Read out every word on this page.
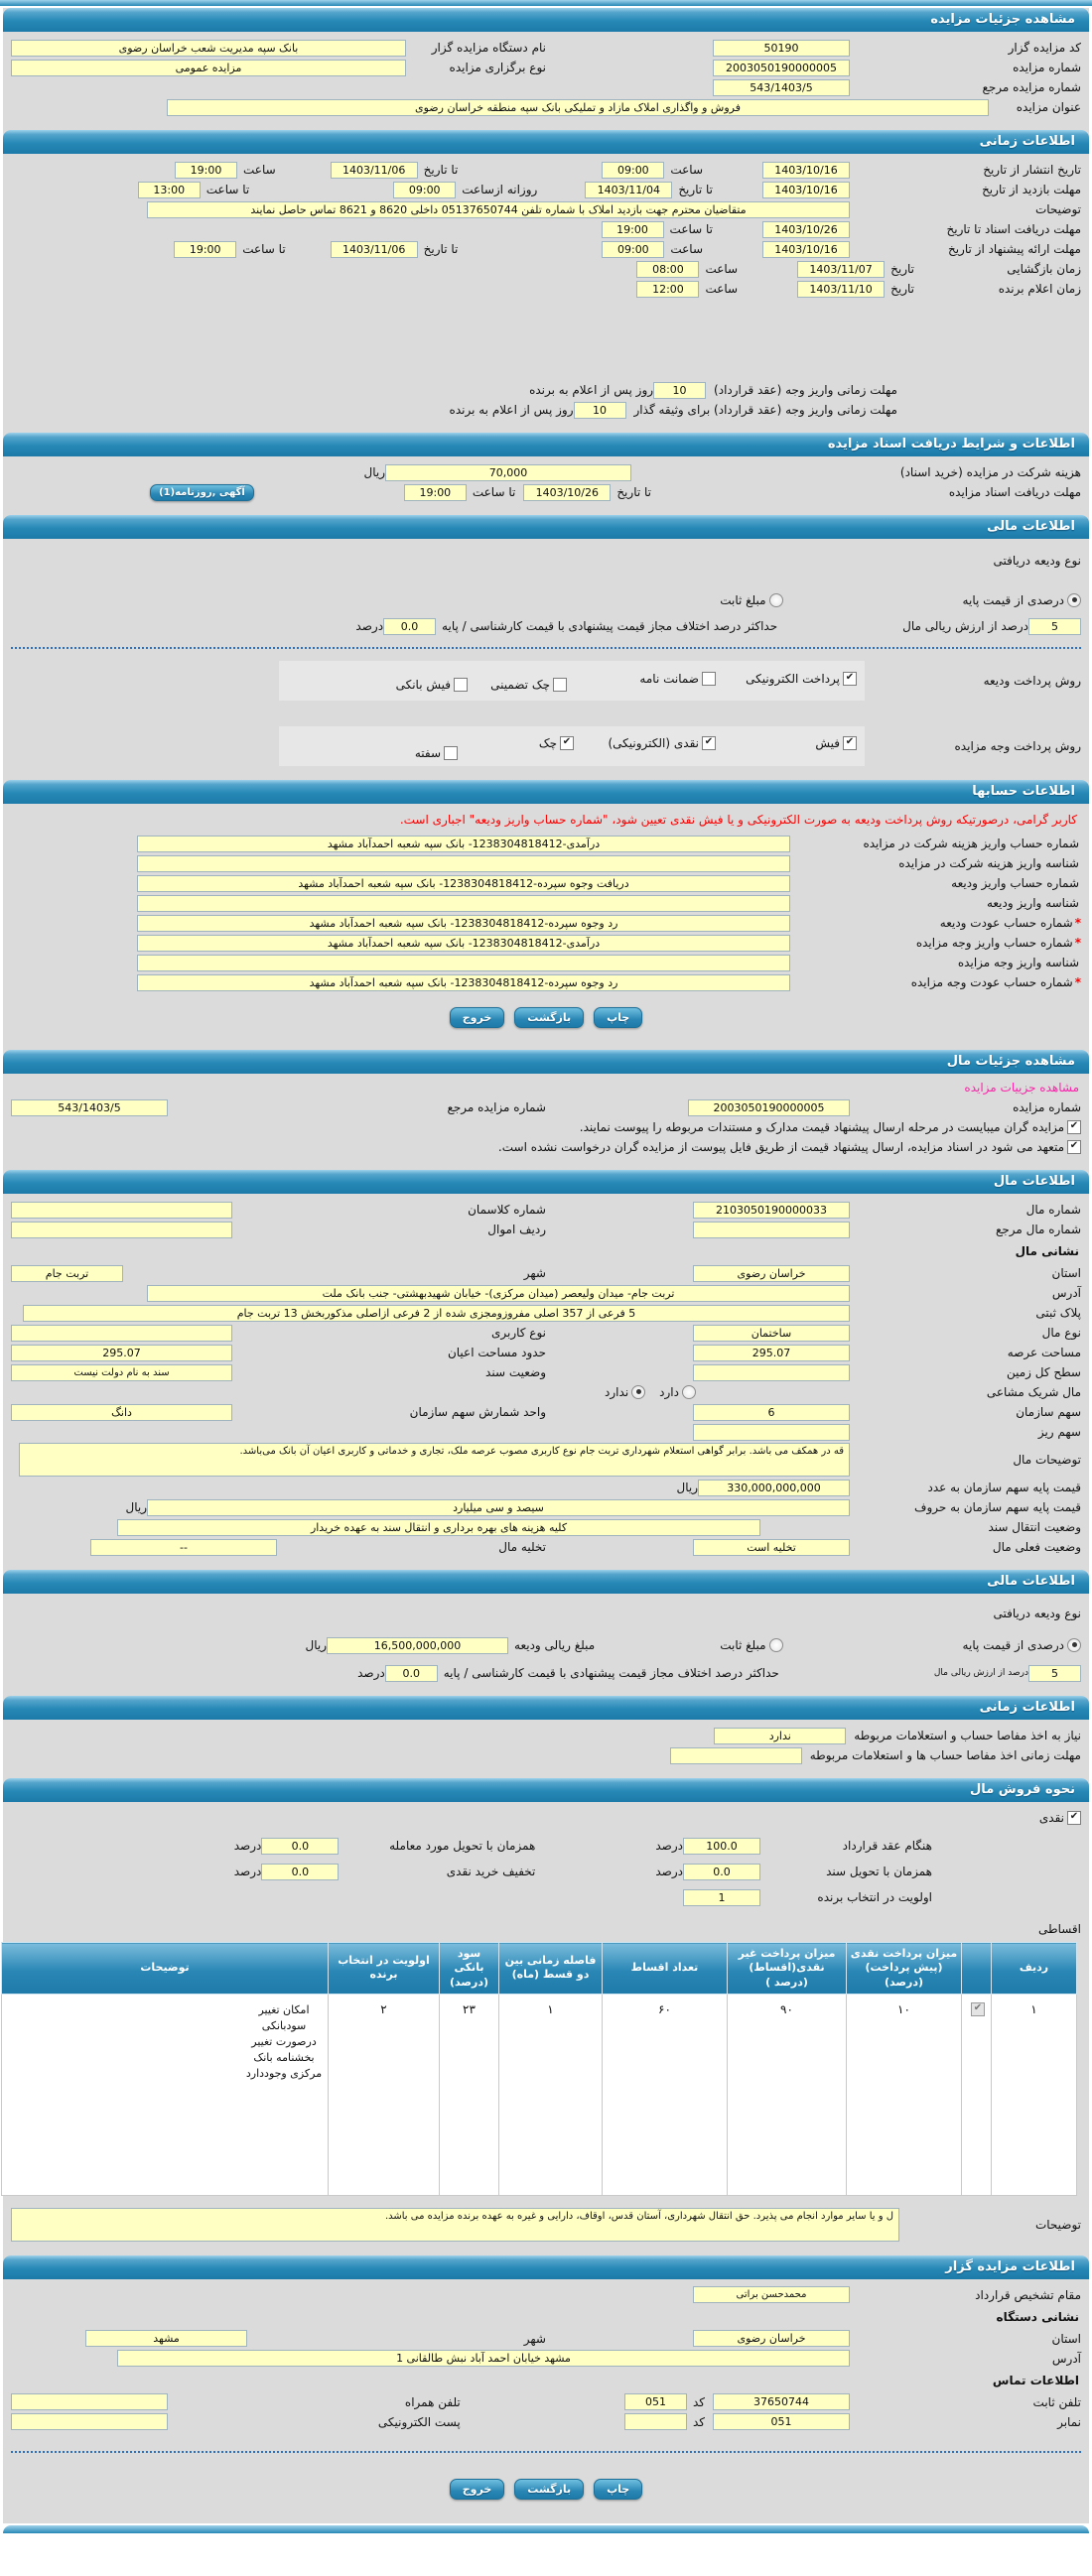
مشاهده جزئیات مزایده
کد مزایده گزار
50190
نام دستگاه مزایده گزار
بانک سپه مدیریت شعب خراسان رضوی
شماره مزایده
2003050190000005
نوع برگزاری مزایده
مزایده عمومی
شماره مزایده مرجع
543/1403/5
عنوان مزایده
فروش و واگذاری املاک مازاد و تملیکی بانک سپه منطقه خراسان رضوی
اطلاعات زمانی
تاریخ انتشار از تاریخ
1403/10/16
ساعت
09:00
تا تاریخ
1403/11/06
ساعت
19:00
مهلت بازدید از تاریخ
1403/10/16
تا تاریخ
1403/11/04
روزانه ازساعت
09:00
تا ساعت
13:00
توضیحات
متقاضیان محترم جهت بازدید املاک با شماره تلفن 05137650744 داخلی 8620 و 8621 تماس حاصل نمایند
مهلت دریافت اسناد تا تاریخ
1403/10/26
تا ساعت
19:00
مهلت ارائه پیشنهاد از تاریخ
1403/10/16
ساعت
09:00
تا تاریخ
1403/11/06
تا ساعت
19:00
زمان بازگشایی
تاریخ
1403/11/07
ساعت
08:00
زمان اعلام برنده
تاریخ
1403/11/10
ساعت
12:00
مهلت زمانی واریز وجه (عقد قرارداد)
10
روز پس از اعلام به برنده
مهلت زمانی واریز وجه (عقد قرارداد) برای وثیقه گذار
10
روز پس از اعلام به برنده
اطلاعات و شرایط دریافت اسناد مزایده
هزینه شرکت در مزایده (خرید اسناد)
70,000
ریال
مهلت دریافت اسناد مزایده
تا تاریخ
1403/10/26
تا ساعت
19:00
آگهی ,روزنامه(1)
اطلاعات مالی
نوع ودیعه دریافتی
درصدی از قیمت پایه
مبلغ ثابت
5
درصد از ارزش ریالی مال
حداکثر درصد اختلاف مجاز قیمت پیشنهادی با قیمت کارشناسی / پایه
0.0
درصد
روش پرداخت ودیعه
✔
پرداخت الکترونیکی
ضمانت نامه
چک تضمینی
فیش بانکی
روش پرداخت وجه مزایده
✔
فیش
✔
نقدی (الکترونیکی)
✔
چک
سفته
اطلاعات حسابها
کاربر گرامی، درصورتیکه روش پرداخت ودیعه به صورت الکترونیکی و یا فیش نقدی تعیین شود، "شماره حساب واریز ودیعه" اجباری است.
شماره حساب واریز هزینه شرکت در مزایده
درآمدی-1238304818412- بانک سپه شعبه احمدآباد مشهد
شناسه واریز هزینه شرکت در مزایده
شما‌ره حساب واریز ودیعه
دریافت وجوه سپرده-1238304818412- بانک سپه شعبه احمدآباد مشهد
شناسه واریز ودیعه
*شماره حساب عودت ودیعه
رد وجوه سپرده-1238304818412- بانک سپه شعبه احمدآباد مشهد
*شماره حساب واریز وجه مزایده
درآمدی-1238304818412- بانک سپه شعبه احمدآباد مشهد
شناسه واریز وجه مزایده
*شماره حساب عودت وجه مزایده
رد وجوه سپرده-1238304818412- بانک سپه شعبه احمدآباد مشهد
چاپ
بازگشت
خروج
مشاهده جزئیات مال
مشاهده جزییات مزایده
شماره مزایده
2003050190000005
شماره مزایده مرجع
543/1403/5
✔
مزایده گران میبایست در مرحله ارسال پیشنهاد قیمت مدارک و مستندات مربوطه را پیوست نمایند.
✔
متعهد می شود در اسناد مزایده، ارسال پیشنهاد قیمت از طریق فایل پیوست از مزایده گران درخواست نشده است.
اطلاعات مال
شماره مال
2103050190000033
شماره کلاسمان
شماره مال مرجع
ردیف اموال
نشانی مال
استان
خراسان رضوی
شهر
تربت جام
آدرس
تربت جام- میدان ولیعصر (میدان مرکزی)- خیابان شهیدبهشتی- جنب بانک ملت
پلاک ثبتی
5 فرعی از 357 اصلی مفروزومجزی شده از 2 فرعی ازاصلی مذکوربخش 13 تربت جام
نوع مال
ساختمان
نوع کاربری
مساحت عرصه
295.07
حدود مساحت اعیان
295.07
سطح کل زمین
وضعیت سند
سند به نام دولت نیست
مال شریک مشاعی
دارد
ندارد
سهم سازمان
6
واحد شمارش سهم سازمان
دانگ
سهم ریز
توضیحات مال
قه در همکف می باشد. برابر گواهی استعلام شهرداری تربت جام نوع کاربری مصوب عرصه ملک، تجاری و خدماتی و کاربری اعیان آن بانک می‌باشد.
قیمت پایه سهم سازمان به عدد
330,000,000,000
ریال
قیمت پایه سهم سازمان به حروف
سیصد و سی میلیارد
ریال
وضعیت انتقال سند
کلیه هزینه های بهره برداری و انتقال سند به عهده خریدار
وضعیت فعلی مال
تخلیه است
تخلیه مال
--
اطلاعات مالی
نوع ودیعه دریافتی
درصدی از قیمت پایه
مبلغ ثابت
مبلغ ریالی ودیعه
16,500,000,000
ریال
5
درصد از ارزش ریالی مال
حداکثر درصد اختلاف مجاز قیمت پیشنهادی با قیمت کارشناسی / پایه
0.0
درصد
اطلاعات زمانی
نیاز به اخذ مفاصا حساب و استعلامات مربوطه
ندارد
مهلت زمانی اخذ مفاصا حساب ها و استعلامات مربوطه
نحوه فروش مال
✔
نقدی
هنگام عقد قرارداد
100.0
درصد
همزمان با تحویل مورد معامله
0.0
درصد
همزمان با تحویل سند
0.0
درصد
تخفیف خرید نقدی
0.0
درصد
اولویت در انتخاب برنده
1
اقساطی
ردیف		میزان پرداخت نقدی (پیش پرداخت) (درصد)	میزان پرداخت غیر نقدی(اقساط) (درصد )	تعداد اقساط	فاصله زمانی بین دو قسط (ماه)	سود بانکی (درصد)	اولویت در انتخاب برنده	توضیحات
۱	✔	۱۰	۹۰	۶۰	۱	۲۳	۲	امکان تغییر سودبانکی درصورت تغییر بخشنامه بانک مرکزی وجوددارد
توضیحات
ل و یا سایر موارد انجام می پذیرد. حق انتقال شهرداری، آستان قدس، اوقاف، دارایی و غیره به عهده برنده مزایده می باشد.
اطلاعات مزایده گزار
مقام تشخیص قرارداد
محمدحسن براتی
نشانی دستگاه
استان
خراسان رضوی
شهر
مشهد
آدرس
مشهد خیابان احمد آباد نبش طالقانی 1
اطلاعات تماس
تلفن ثابت
37650744
کد
051
تلفن همراه
نمابر
051
کد
پست الکترونیکی
چاپ
بازگشت
خروج
